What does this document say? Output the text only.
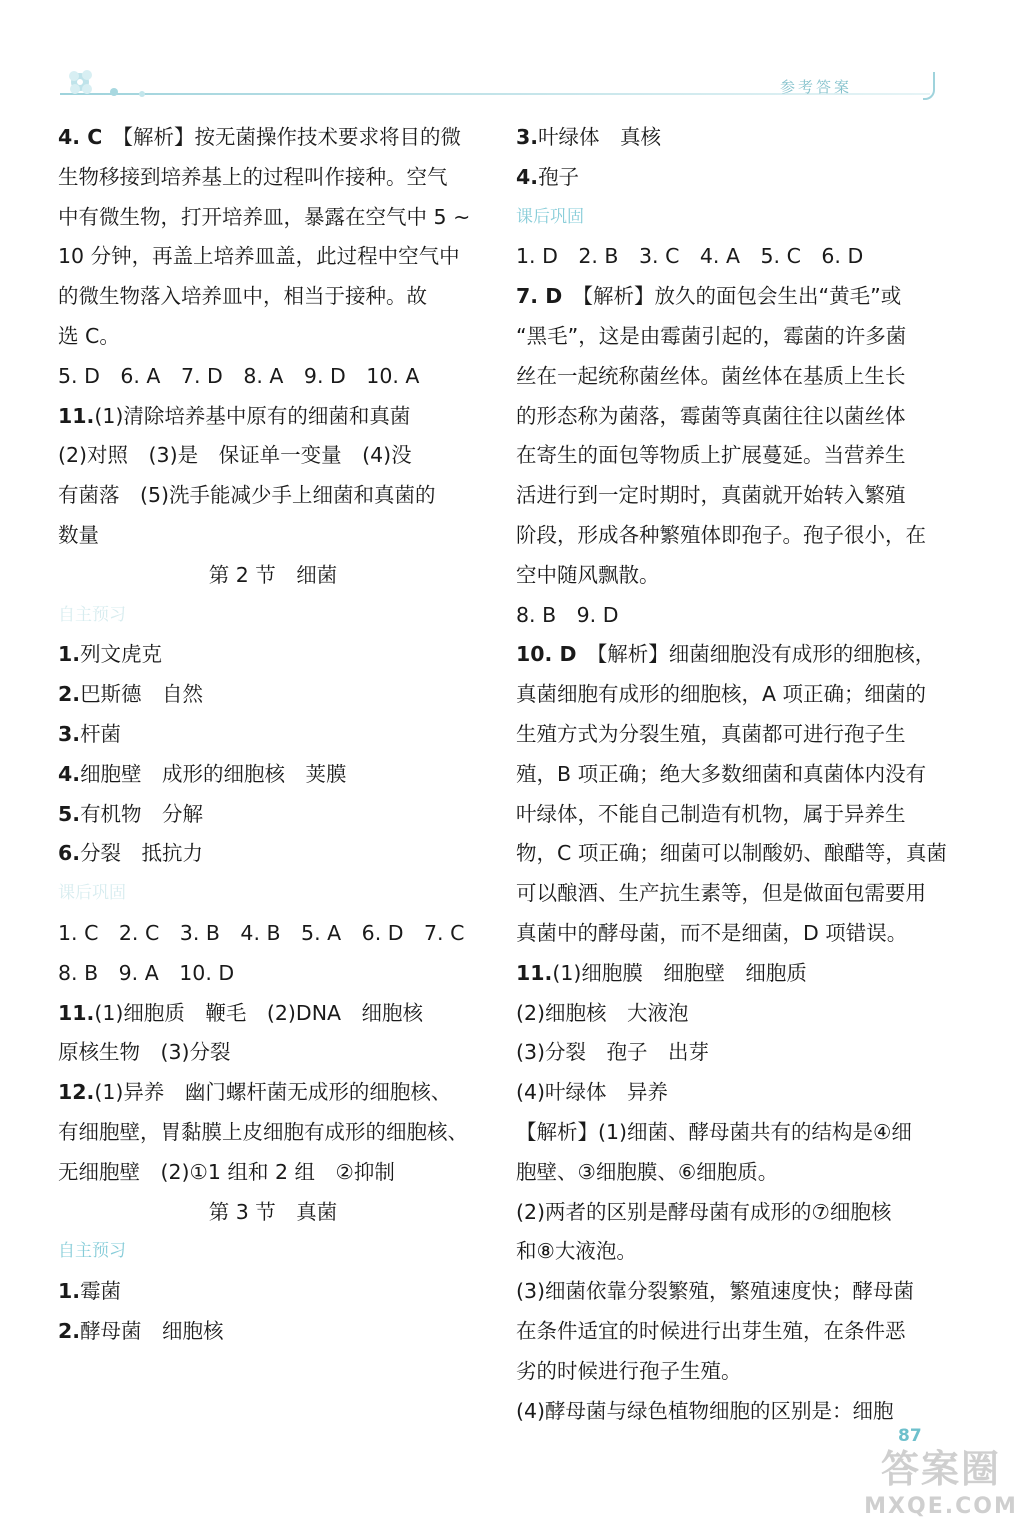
参考答案
4. C　 【解析】按无菌操作技术要求将目的微
生物移接到培养基上的过程叫作接种。空气
中有微生物，打开培养皿，暴露在空气中 5 ~
10 分钟，再盖上培养皿盖，此过程中空气中
的微生物落入培养皿中，相当于接种。故
选 C。
5. D　6. A　7. D　8. A　9. D　10. A
11.(1)清除培养基中原有的细菌和真菌
(2)对照　(3)是　保证单一变量　(4)没
有菌落　(5)洗手能减少手上细菌和真菌的
数量
第 2 节　细菌
自主预习
1.列文虎克
2.巴斯德　自然
3.杆菌
4.细胞壁　成形的细胞核　荚膜
5.有机物　分解
6.分裂　抵抗力
课后巩固
1. C　2. C　3. B　4. B　5. A　6. D　7. C
8. B　9. A　10. D
11.(1)细胞质　鞭毛　(2)DNA　细胞核
原核生物　(3)分裂
12.(1)异养　幽门螺杆菌无成形的细胞核、
有细胞壁，胃黏膜上皮细胞有成形的细胞核、
无细胞壁　(2)①1 组和 2 组　②抑制
第 3 节　真菌
自主预习
1.霉菌
2.酵母菌　细胞核
3.叶绿体　真核
4.孢子
课后巩固
1. D　2. B　3. C　4. A　5. C　6. D
7. D　 【解析】放久的面包会生出“黄毛”或
“黑毛”，这是由霉菌引起的，霉菌的许多菌
丝在一起统称菌丝体。菌丝体在基质上生长
的形态称为菌落，霉菌等真菌往往以菌丝体
在寄生的面包等物质上扩展蔓延。当营养生
活进行到一定时期时，真菌就开始转入繁殖
阶段，形成各种繁殖体即孢子。孢子很小，在
空中随风飘散。
8. B　9. D
10. D　 【解析】细菌细胞没有成形的细胞核，
真菌细胞有成形的细胞核，A 项正确；细菌的
生殖方式为分裂生殖，真菌都可进行孢子生
殖，B 项正确；绝大多数细菌和真菌体内没有
叶绿体，不能自己制造有机物，属于异养生
物，C 项正确；细菌可以制酸奶、酿醋等，真菌
可以酿酒、生产抗生素等，但是做面包需要用
真菌中的酵母菌，而不是细菌，D 项错误。
11.(1)细胞膜　细胞壁　细胞质
(2)细胞核　大液泡
(3)分裂　孢子　出芽
(4)叶绿体　异养
【解析】(1)细菌、酵母菌共有的结构是④细
胞壁、③细胞膜、⑥细胞质。
(2)两者的区别是酵母菌有成形的⑦细胞核
和⑧大液泡。
(3)细菌依靠分裂繁殖，繁殖速度快；酵母菌
在条件适宜的时候进行出芽生殖，在条件恶
劣的时候进行孢子生殖。
(4)酵母菌与绿色植物细胞的区别是：细胞
87
答案圈
MXQE.COM
